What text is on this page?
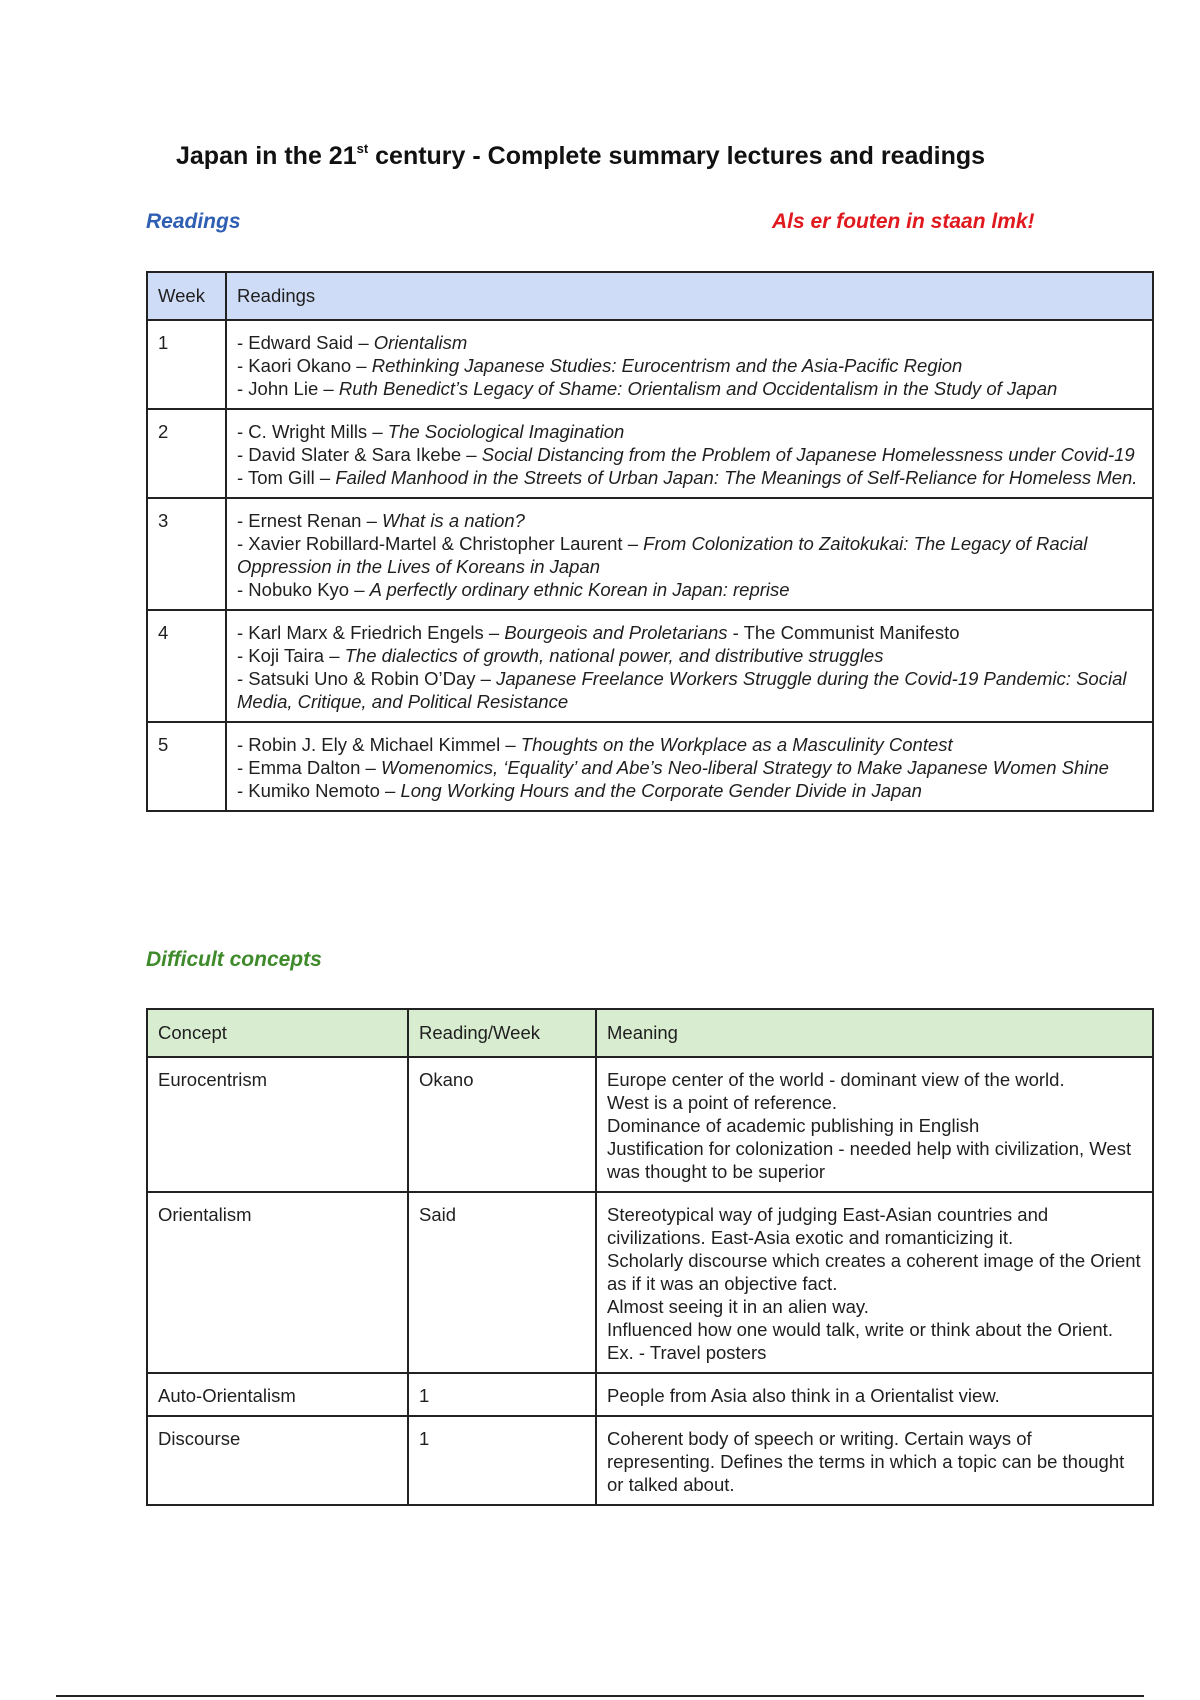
Japan in the 21st century - Complete summary lectures and readings
Readings	Als er fouten in staan lmk!
Week	Readings
1	- Edward Said – Orientalism
- Kaori Okano – Rethinking Japanese Studies: Eurocentrism and the Asia-Pacific Region
- John Lie – Ruth Benedict’s Legacy of Shame: Orientalism and Occidentalism in the Study of Japan

2	- C. Wright Mills – The Sociological Imagination
- David Slater & Sara Ikebe – Social Distancing from the Problem of Japanese Homelessness under Covid-19
- Tom Gill – Failed Manhood in the Streets of Urban Japan: The Meanings of Self-Reliance for Homeless Men.

3	- Ernest Renan – What is a nation?
- Xavier Robillard-Martel & Christopher Laurent – From Colonization to Zaitokukai: The Legacy of Racial Oppression in the Lives of Koreans in Japan
- Nobuko Kyo – A perfectly ordinary ethnic Korean in Japan: reprise

4	- Karl Marx & Friedrich Engels – Bourgeois and Proletarians - The Communist Manifesto
- Koji Taira – The dialectics of growth, national power, and distributive struggles
- Satsuki Uno & Robin O’Day – Japanese Freelance Workers Struggle during the Covid-19 Pandemic: Social Media, Critique, and Political Resistance

5	- Robin J. Ely & Michael Kimmel – Thoughts on the Workplace as a Masculinity Contest
- Emma Dalton – Womenomics, ‘Equality’ and Abe’s Neo-liberal Strategy to Make Japanese Women Shine
- Kumiko Nemoto – Long Working Hours and the Corporate Gender Divide in Japan
Difficult concepts
Concept	Reading/Week	Meaning
Eurocentrism	Okano	Europe center of the world - dominant view of the world.
West is a point of reference.
Dominance of academic publishing in English
Justification for colonization - needed help with civilization, West was thought to be superior

Orientalism	Said	Stereotypical way of judging East-Asian countries and civilizations. East-Asia exotic and romanticizing it.
Scholarly discourse which creates a coherent image of the Orient as if it was an objective fact.
Almost seeing it in an alien way.
Influenced how one would talk, write or think about the Orient.
Ex. - Travel posters

Auto-Orientalism	1	People from Asia also think in a Orientalist view.

Discourse	1	Coherent body of speech or writing. Certain ways of representing. Defines the terms in which a topic can be thought or talked about.
